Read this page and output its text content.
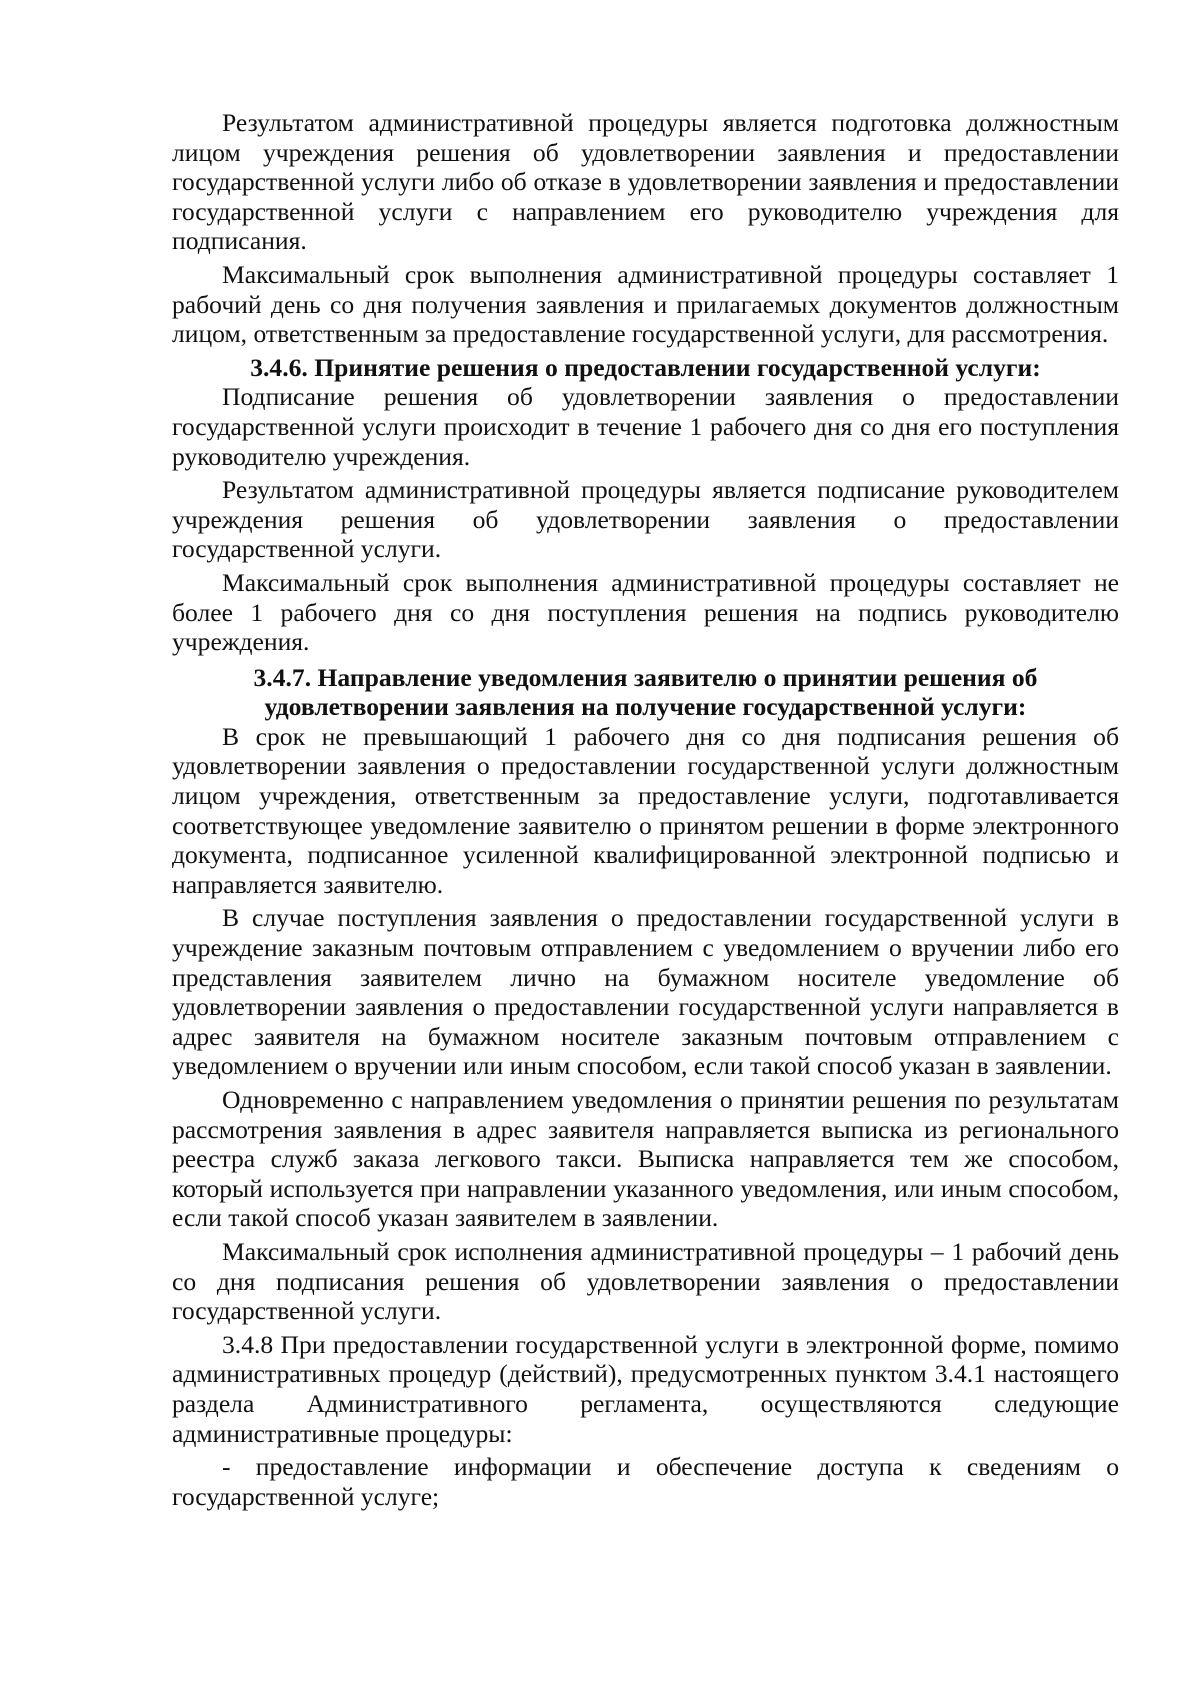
Результатом административной процедуры является подготовка должностным лицом учреждения решения об удовлетворении заявления и предоставлении государственной услуги либо об отказе в удовлетворении заявления и предоставлении государственной услуги с направлением его руководителю учреждения для подписания.

Максимальный срок выполнения административной процедуры составляет 1 рабочий день со дня получения заявления и прилагаемых документов должностным лицом, ответственным за предоставление государственной услуги, для рассмотрения.

3.4.6. Принятие решения о предоставлении государственной услуги:

Подписание решения об удовлетворении заявления о предоставлении государственной услуги происходит в течение 1 рабочего дня со дня его поступления руководителю учреждения.

Результатом административной процедуры является подписание руководителем учреждения решения об удовлетворении заявления о предоставлении государственной услуги.

Максимальный срок выполнения административной процедуры составляет не более 1 рабочего дня со дня поступления решения на подпись руководителю учреждения.

3.4.7. Направление уведомления заявителю о принятии решения об

удовлетворении заявления на получение государственной услуги:

В срок не превышающий 1 рабочего дня со дня подписания решения об удовлетворении заявления о предоставлении государственной услуги должностным лицом учреждения, ответственным за предоставление услуги, подготавливается соответствующее уведомление заявителю о принятом решении в форме электронного документа, подписанное усиленной квалифицированной электронной подписью и направляется заявителю.

В случае поступления заявления о предоставлении государственной услуги в учреждение заказным почтовым отправлением с уведомлением о вручении либо его представления заявителем лично на бумажном носителе уведомление об удовлетворении заявления о предоставлении государственной услуги направляется в адрес заявителя на бумажном носителе заказным почтовым отправлением с уведомлением о вручении или иным способом, если такой способ указан в заявлении.

Одновременно с направлением уведомления о принятии решения по результатам рассмотрения заявления в адрес заявителя направляется выписка из регионального реестра служб заказа легкового такси. Выписка направляется тем же способом, который используется при направлении указанного уведомления, или иным способом, если такой способ указан заявителем в заявлении.

Максимальный срок исполнения административной процедуры – 1 рабочий день со дня подписания решения об удовлетворении заявления о предоставлении государственной услуги.

3.4.8 При предоставлении государственной услуги в электронной форме, помимо административных процедур (действий), предусмотренных пунктом 3.4.1 настоящего раздела Административного регламента, осуществляются следующие административные процедуры:

- предоставление информации и обеспечение доступа к сведениям о государственной услуге;
